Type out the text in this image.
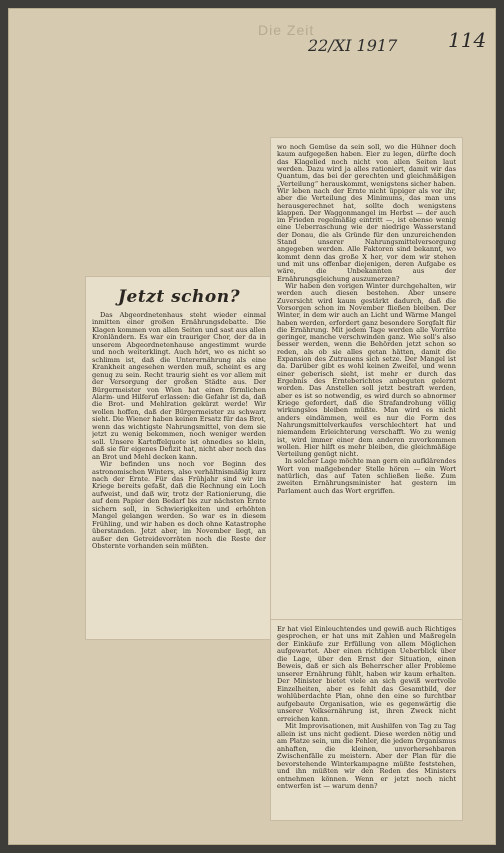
Die Zeit
22/XI 1917	114
Jetzt schon?

Das Abgeordnetenhaus steht wieder einmal inmitten einer großen Ernährungsdebatte. Die Klagen kommen von allen Seiten und sast aus allen Kronländern. Es war ein trauriger Chor, der da in unserem Abgeordnetenhause angestimmt wurde und noch weiterklingt. Auch hört, wo es nicht so schlimm ist, daß die Unterernährung als eine Krankheit angesehen werden muß, scheint es arg genug zu sein. Recht traurig sieht es vor allem mit der Versorgung der großen Städte aus. Der Bürgermeister von Wien hat einen förmlichen Alarm- und Hilferuf erlassen: die Gefahr ist da, daß die Brot- und Mehlration gekürzt werde! Wir wollen hoffen, daß der Bürgermeister zu schwarz sieht. Die Wiener haben keinen Ersatz für das Brot, wenn das wichtigste Nahrungsmittel, von dem sie jetzt zu wenig bekommen, noch weniger werden soll. Unsere Kartoffelquote ist ohnedies so klein, daß sie für eigenes Defizit hat, nicht aber noch das an Brot und Mehl decken kann.

Wir befinden uns noch vor Beginn des astronomischen Winters, also verhältnismäßig kurz nach der Ernte. Für das Frühjahr sind wir im Kriege bereits gefaßt, daß die Rechnung ein Loch aufweist, und daß wir, trotz der Rationierung, die auf dem Papier den Bedarf bis zur nächsten Ernte sichern soll, in Schwierigkeiten und erhöhten Mangel gelangen werden. So war es in diesem Frühling, und wir haben es doch ohne Katastrophe überstanden. Jetzt aber, im November liegt, an außer den Getreidevorräten noch die Reste der Obsternte vorhanden sein müßten.

wo noch Gemüse da sein soll, wo die Hühner doch kaum aufgegeßen haben. Eier zu legen, dürfte doch das Klagelied noch nicht von allen Seiten laut werden. Dazu wird ja alles rationiert, damit wir das Quantum, das bei der gerechten und gleichmäßigen „Verteilung“ herauskommt, wenigstens sicher haben. Wir leben nach der Ernte nicht üppiger als vor ihr, aber die Verteilung des Minimums, das man uns herausgerechnet hat, sollte doch wenigstens klappen. Der Waggonmangel im Herbst — der auch im Frieden regelmäßig eintritt —, ist ebenso wenig eine Ueberraschung wie der niedrige Wasserstand der Donau, die als Gründe für den unzureichenden Stand unserer Nahrungsmittelversorgung angegeben werden. Alle Faktoren sind bekannt, wo kommt denn das große X her, vor dem wir stehen und mit uns offenbar diejenigen, deren Aufgabe es wäre, die Unbekannten aus der Ernährungsgleichung auszumerzen?

Wir haben den vorigen Winter durchgehalten, wir werden auch diesen bestehen. Aber unsere Zuversicht wird kaum gestärkt dadurch, daß die Vorsorgen schon im November fließen bleiben. Der Winter, in dem wir auch an Licht und Wärme Mangel haben werden, erfordert ganz besondere Sorgfalt für die Ernährung. Mit jedem Tage werden alle Vorräte geringer, manche verschwinden ganz. Wie soll's also besser werden, wenn die Behörden jetzt schon so reden, als ob sie alles getan hätten, damit die Expansion des Zutrauens sich setze. Der Mangel ist da. Darüber gibt es wohl keinen Zweifel, und wenn einer geberisch sieht, ist mehr er durch das Ergebnis des Ernteberichtes anbeguten gelernt worden. Das Anstellen soll jetzt bestraft werden, aber es ist so notwendig, es wird durch so abnormer Kriege gefordert, daß die Strafandrohung völlig wirkungslos bleiben müßte. Man wird es nicht anders eindämmen, weil es nur die Form des Nahrungsmittelverkaufes verschlechtert hat und niemandem Erleichterung verschafft. Wo zu wenig ist, wird immer einer dem anderen zuvorkommen wollen. Hier hilft es mehr bleiben, die gleichmäßige Verteilung genügt nicht.

In solcher Lage möchte man gern ein aufklärendes Wort von maßgebender Stelle hören — ein Wort natürlich, das auf Taten schließen ließe. Zum zweiten Ernährungsminister hat gestern im Parlament auch das Wort ergriffen.

Er hat viel Einleuchtendes und gewiß auch Richtiges gesprochen, er hat uns mit Zahlen und Maßregeln der Einkäufe zur Erfüllung von allem Möglichen aufgewartet. Aber einen richtigen Ueberblick über die Lage, über den Ernst der Situation, einen Beweis, daß er sich als Beherrscher aller Probleme unserer Ernährung fühlt, haben wir kaum erhalten. Der Minister bietet viele an sich gewiß wertvolle Einzelheiten, aber es fehlt das Gesamtbild, der wohlüberdachte Plan, ohne den eine so furchtbar aufgebaute Organisation, wie es gegenwärtig die unserer Volksernährung ist, ihren Zweck nicht erreichen kann.

Mit Improvisationen, mit Aushilfen von Tag zu Tag allein ist uns nicht gedient. Diese werden nötig und am Platze sein, um die Fehler, die jedem Organismus anhaften, die kleinen, unvorhersehbaren Zwischenfälle zu meistern. Aber der Plan für die bevorstehende Winterkampagne müßte feststehen, und ihn müßten wir den Reden des Ministers entnehmen können. Wenn er jetzt noch nicht entwerfen ist — warum denn?
